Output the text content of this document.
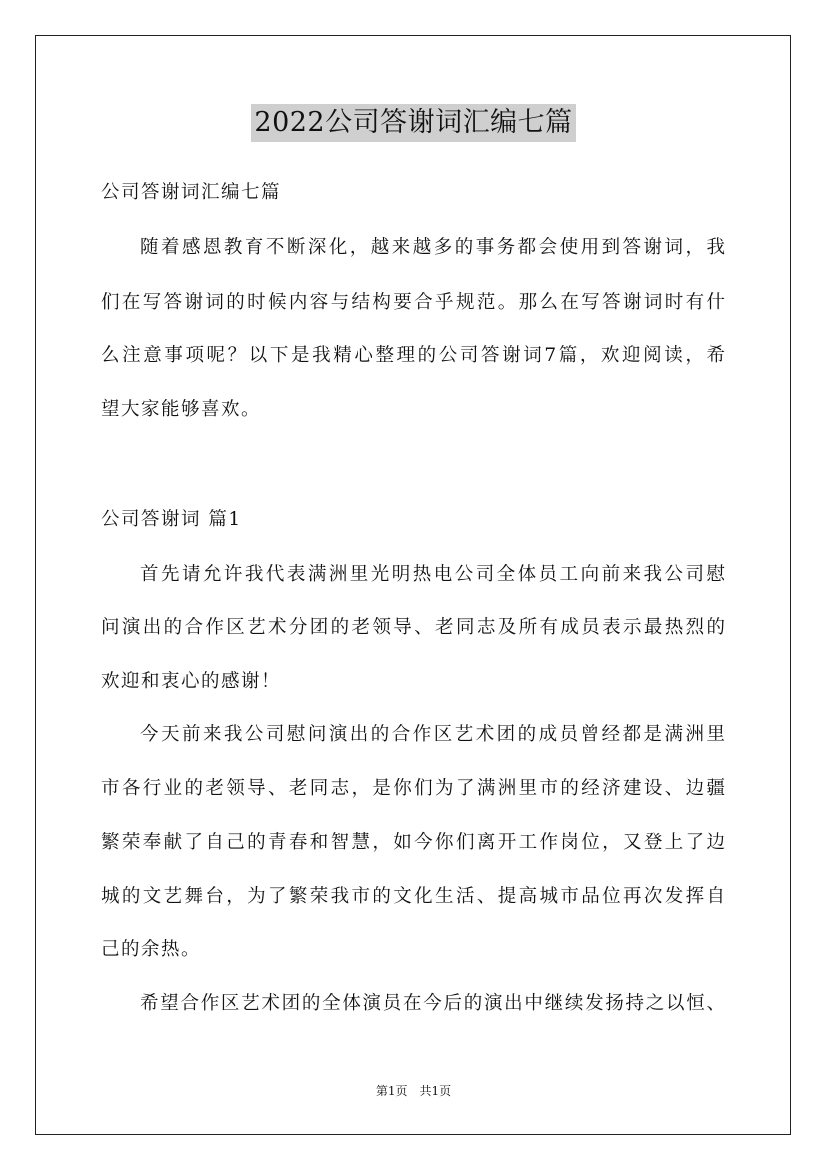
2022公司答谢词汇编七篇
公司答谢词汇编七篇
随着感恩教育不断深化，越来越多的事务都会使用到答谢词，我
们在写答谢词的时候内容与结构要合乎规范。那么在写答谢词时有什
么注意事项呢？以下是我精心整理的公司答谢词7篇，欢迎阅读，希
望大家能够喜欢。
公司答谢词 篇1
首先请允许我代表满洲里光明热电公司全体员工向前来我公司慰
问演出的合作区艺术分团的老领导、老同志及所有成员表示最热烈的
欢迎和衷心的感谢！
今天前来我公司慰问演出的合作区艺术团的成员曾经都是满洲里
市各行业的老领导、老同志，是你们为了满洲里市的经济建设、边疆
繁荣奉献了自己的青春和智慧，如今你们离开工作岗位，又登上了边
城的文艺舞台，为了繁荣我市的文化生活、提高城市品位再次发挥自
己的余热。
希望合作区艺术团的全体演员在今后的演出中继续发扬持之以恒、
第1页 共1页
